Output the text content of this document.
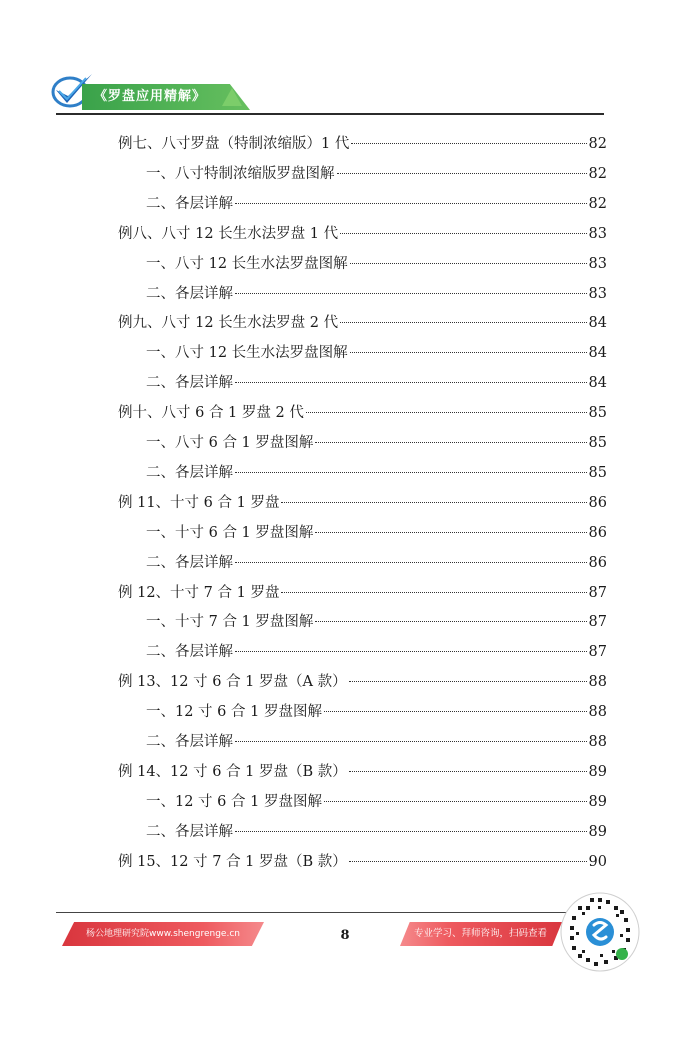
《罗盘应用精解》
例七、八寸罗盘（特制浓缩版）1 代	82
一、八寸特制浓缩版罗盘图解	82
二、各层详解	82
例八、八寸 12 长生水法罗盘 1 代	83
一、八寸 12 长生水法罗盘图解	83
二、各层详解	83
例九、八寸 12 长生水法罗盘 2 代	84
一、八寸 12 长生水法罗盘图解	84
二、各层详解	84
例十、八寸 6 合 1 罗盘 2 代	85
一、八寸 6 合 1 罗盘图解	85
二、各层详解	85
例 11、十寸 6 合 1 罗盘	86
一、十寸 6 合 1 罗盘图解	86
二、各层详解	86
例 12、十寸 7 合 1 罗盘	87
一、十寸 7 合 1 罗盘图解	87
二、各层详解	87
例 13、12 寸 6 合 1 罗盘（A 款）	88
一、12 寸 6 合 1 罗盘图解	88
二、各层详解	88
例 14、12 寸 6 合 1 罗盘（B 款）	89
一、12 寸 6 合 1 罗盘图解	89
二、各层详解	89
例 15、12 寸 7 合 1 罗盘（B 款）	90
杨公地理研究院www.shengrenge.cn	8	专业学习、拜师咨询，扫码查看
